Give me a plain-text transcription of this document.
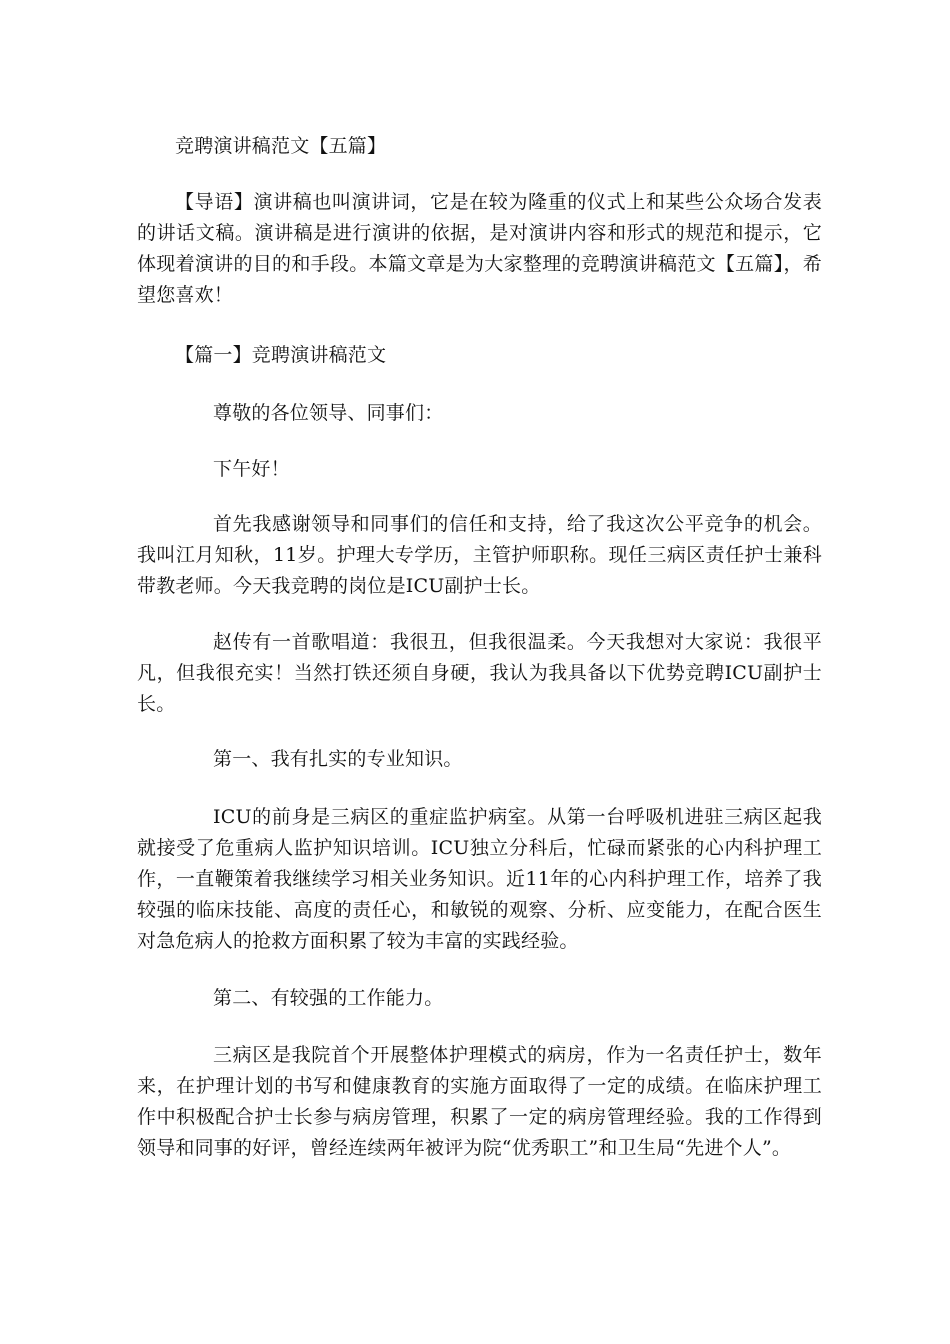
竞聘演讲稿范文【五篇】

【导语】演讲稿也叫演讲词，它是在较为隆重的仪式上和某些公众场合发表的讲话文稿。演讲稿是进行演讲的依据，是对演讲内容和形式的规范和提示，它体现着演讲的目的和手段。本篇文章是为大家整理的竞聘演讲稿范文【五篇】，希望您喜欢！

【篇一】竞聘演讲稿范文

尊敬的各位领导、同事们：

下午好！

首先我感谢领导和同事们的信任和支持，给了我这次公平竞争的机会。我叫江月知秋，11岁。护理大专学历，主管护师职称。现任三病区责任护士兼科带教老师。今天我竞聘的岗位是ICU副护士长。

赵传有一首歌唱道：我很丑，但我很温柔。今天我想对大家说：我很平凡，但我很充实！当然打铁还须自身硬，我认为我具备以下优势竞聘ICU副护士长。

第一、我有扎实的专业知识。

ICU的前身是三病区的重症监护病室。从第一台呼吸机进驻三病区起我就接受了危重病人监护知识培训。ICU独立分科后，忙碌而紧张的心内科护理工作，一直鞭策着我继续学习相关业务知识。近11年的心内科护理工作，培养了我较强的临床技能、高度的责任心，和敏锐的观察、分析、应变能力，在配合医生对急危病人的抢救方面积累了较为丰富的实践经验。

第二、有较强的工作能力。

三病区是我院首个开展整体护理模式的病房，作为一名责任护士，数年来，在护理计划的书写和健康教育的实施方面取得了一定的成绩。在临床护理工作中积极配合护士长参与病房管理，积累了一定的病房管理经验。我的工作得到领导和同事的好评，曾经连续两年被评为院“优秀职工”和卫生局“先进个人”。
